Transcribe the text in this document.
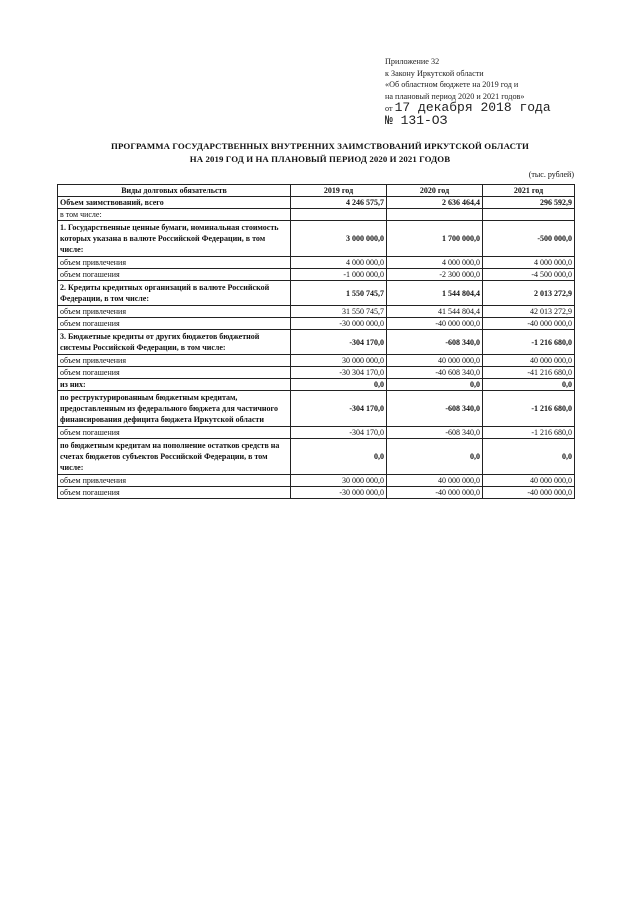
Приложение 32
к Закону Иркутской области
«Об областном бюджете на 2019 год и
на плановый период 2020 и 2021 годов»
от 17 декабря 2018 года
№ 131-ОЗ
ПРОГРАММА ГОСУДАРСТВЕННЫХ ВНУТРЕННИХ ЗАИМСТВОВАНИЙ ИРКУТСКОЙ ОБЛАСТИ
НА 2019 ГОД И НА ПЛАНОВЫЙ ПЕРИОД 2020 И 2021 ГОДОВ
(тыс. рублей)
Виды долговых обязательств	2019 год	2020 год	2021 год
Объем заимствований, всего	4 246 575,7	2 636 464,4	296 592,9
в том числе:			
1. Государственные ценные бумаги, номинальная стоимость которых указана в валюте Российской Федерации, в том числе:	3 000 000,0	1 700 000,0	-500 000,0
объем привлечения	4 000 000,0	4 000 000,0	4 000 000,0
объем погашения	-1 000 000,0	-2 300 000,0	-4 500 000,0
2. Кредиты кредитных организаций в валюте Российской Федерации, в том числе:	1 550 745,7	1 544 804,4	2 013 272,9
объем привлечения	31 550 745,7	41 544 804,4	42 013 272,9
объем погашения	-30 000 000,0	-40 000 000,0	-40 000 000,0
3. Бюджетные кредиты от других бюджетов бюджетной системы Российской Федерации, в том числе:	-304 170,0	-608 340,0	-1 216 680,0
объем привлечения	30 000 000,0	40 000 000,0	40 000 000,0
объем погашения	-30 304 170,0	-40 608 340,0	-41 216 680,0
из них:	0,0	0,0	0,0
по реструктурированным бюджетным кредитам, предоставленным из федерального бюджета для частичного финансирования дефицита бюджета Иркутской области	-304 170,0	-608 340,0	-1 216 680,0
объем погашения	-304 170,0	-608 340,0	-1 216 680,0
по бюджетным кредитам на пополнение остатков средств на счетах бюджетов субъектов Российской Федерации, в том числе:	0,0	0,0	0,0
объем привлечения	30 000 000,0	40 000 000,0	40 000 000,0
объем погашения	-30 000 000,0	-40 000 000,0	-40 000 000,0
